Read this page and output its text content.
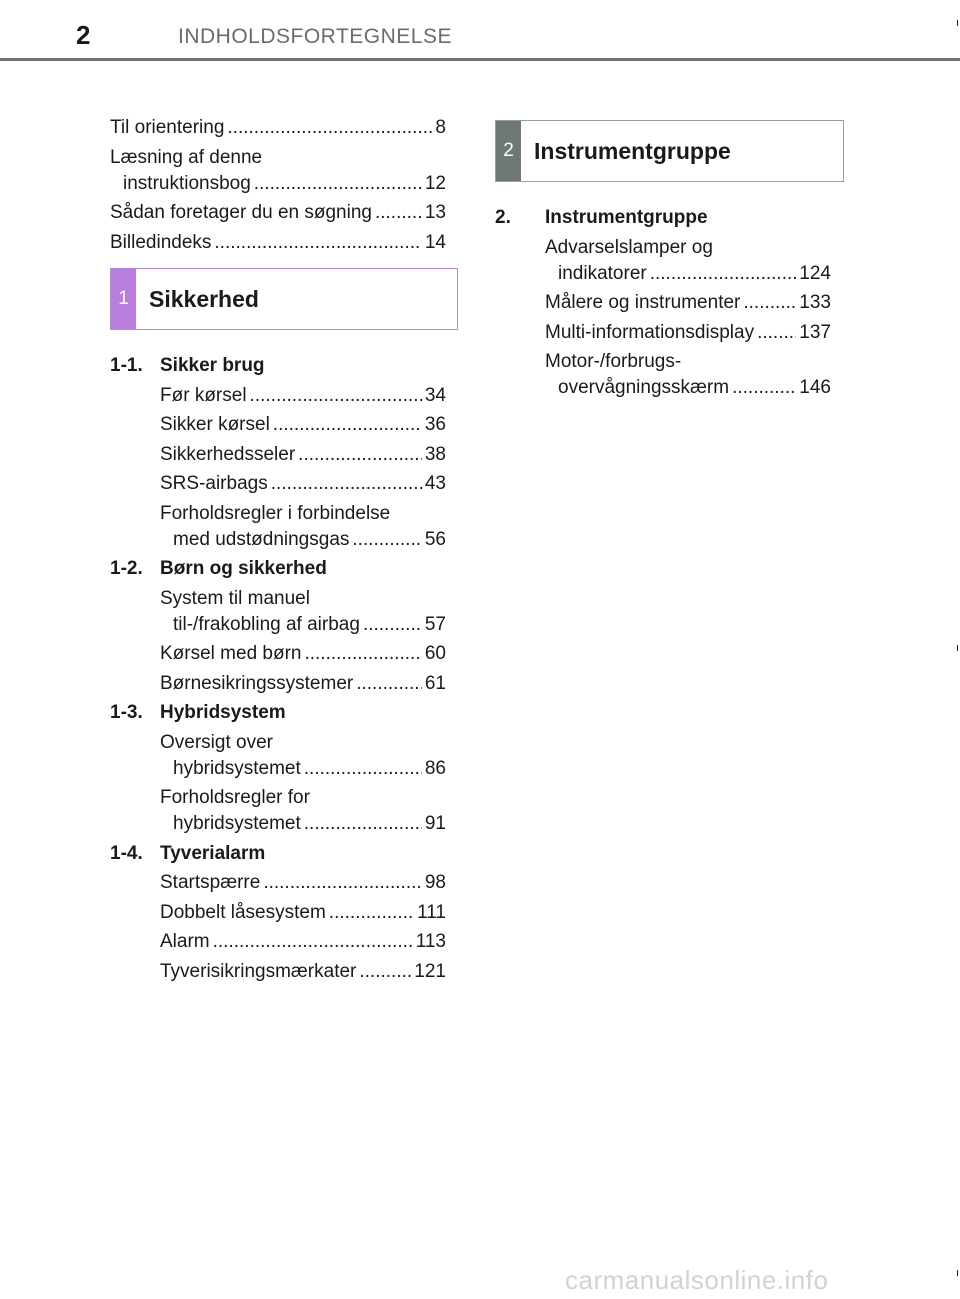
2	INDHOLDSFORTEGNELSE
Til orientering .....	8
Læsning af denne
instruktionsbog .....	12
Sådan foretager du en søgning .....	13
Billedindeks .....	14
1 Sikkerhed
1-1. Sikker brug
Før kørsel .....	34
Sikker kørsel .....	36
Sikkerhedsseler .....	38
SRS-airbags .....	43
Forholdsregler i forbindelse
med udstødningsgas .....	56
1-2. Børn og sikkerhed
System til manuel
til-/frakobling af airbag .....	57
Kørsel med børn .....	60
Børnesikringssystemer .....	61
1-3. Hybridsystem
Oversigt over
hybridsystemet .....	86
Forholdsregler for
hybridsystemet .....	91
1-4. Tyverialarm
Startspærre .....	98
Dobbelt låsesystem .....	111
Alarm .....	113
Tyverisikringsmærkater .....	121
2 Instrumentgruppe
2.	Instrumentgruppe
Advarselslamper og
indikatorer .....	124
Målere og instrumenter .....	133
Multi-informationsdisplay ..... 137
Motor-/forbrugs-
overvågningsskærm .....	146
carmanualsonline.info
